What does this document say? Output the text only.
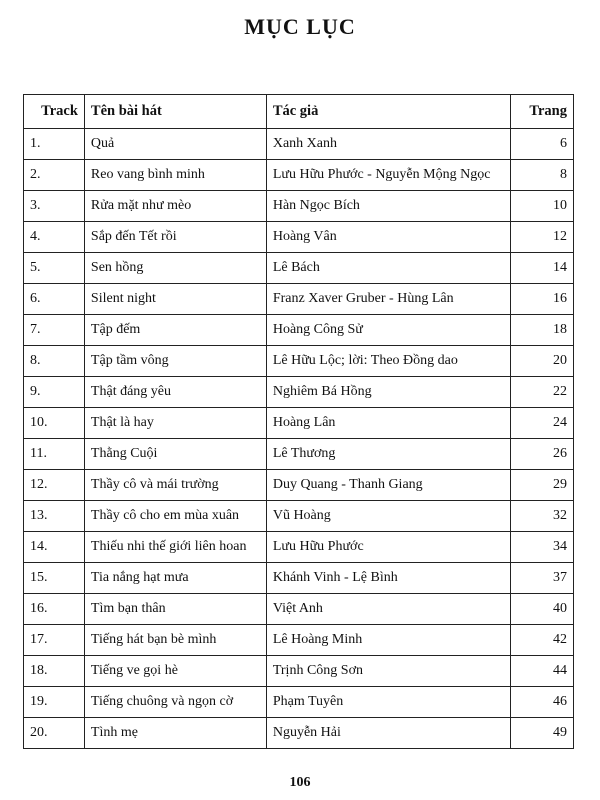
MỤC LỤC
Track	Tên bài hát	Tác giả	Trang
1.	Quả	Xanh Xanh	6
2.	Reo vang bình minh	Lưu Hữu Phước - Nguyễn Mộng Ngọc	8
3.	Rửa mặt như mèo	Hàn Ngọc Bích	10
4.	Sắp đến Tết rồi	Hoàng Vân	12
5.	Sen hồng	Lê Bách	14
6.	Silent night	Franz Xaver Gruber - Hùng Lân	16
7.	Tập đếm	Hoàng Công Sử	18
8.	Tập tầm vông	Lê Hữu Lộc; lời: Theo Đồng dao	20
9.	Thật đáng yêu	Nghiêm Bá Hồng	22
10.	Thật là hay	Hoàng Lân	24
11.	Thằng Cuội	Lê Thương	26
12.	Thầy cô và mái trường	Duy Quang - Thanh Giang	29
13.	Thầy cô cho em mùa xuân	Vũ Hoàng	32
14.	Thiếu nhi thế giới liên hoan	Lưu Hữu Phước	34
15.	Tia nắng hạt mưa	Khánh Vinh - Lệ Bình	37
16.	Tìm bạn thân	Việt Anh	40
17.	Tiếng hát bạn bè mình	Lê Hoàng Minh	42
18.	Tiếng ve gọi hè	Trịnh Công Sơn	44
19.	Tiếng chuông và ngọn cờ	Phạm Tuyên	46
20.	Tình mẹ	Nguyễn Hải	49
106
